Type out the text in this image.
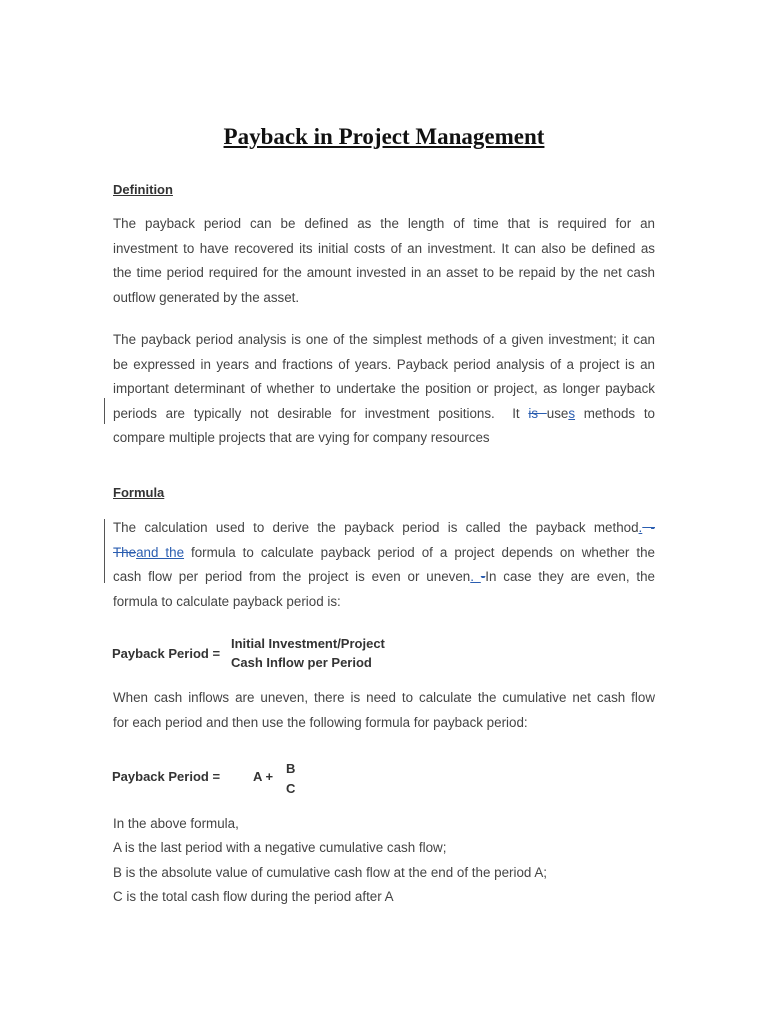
Payback in Project Management
Definition

The payback period can be defined as the length of time that is required for an
investment to have recovered its initial costs of an investment. It can also be defined as
the time period required for the amount invested in an asset to be repaid by the net cash
outflow generated by the asset.

The payback period analysis is one of the simplest methods of a given investment; it can
be expressed in years and fractions of years. Payback period analysis of a project is an
important determinant of whether to undertake the position or project, as longer payback
periods are typically not desirable for investment positions.  It is uses methods to
compare multiple projects that are vying for company resources

Formula

The calculation used to derive the payback period is called the payback method. -
Theand the formula to calculate payback period of a project depends on whether the
cash flow per period from the project is even or uneven. -In case they are even, the
formula to calculate payback period is:

Payback Period =
Initial Investment/Project
Cash Inflow per Period

When cash inflows are uneven, there is need to calculate the cumulative net cash flow
for each period and then use the following formula for payback period:

Payback Period =	A +
B
C
In the above formula,
A is the last period with a negative cumulative cash flow;
B is the absolute value of cumulative cash flow at the end of the period A;
C is the total cash flow during the period after A
